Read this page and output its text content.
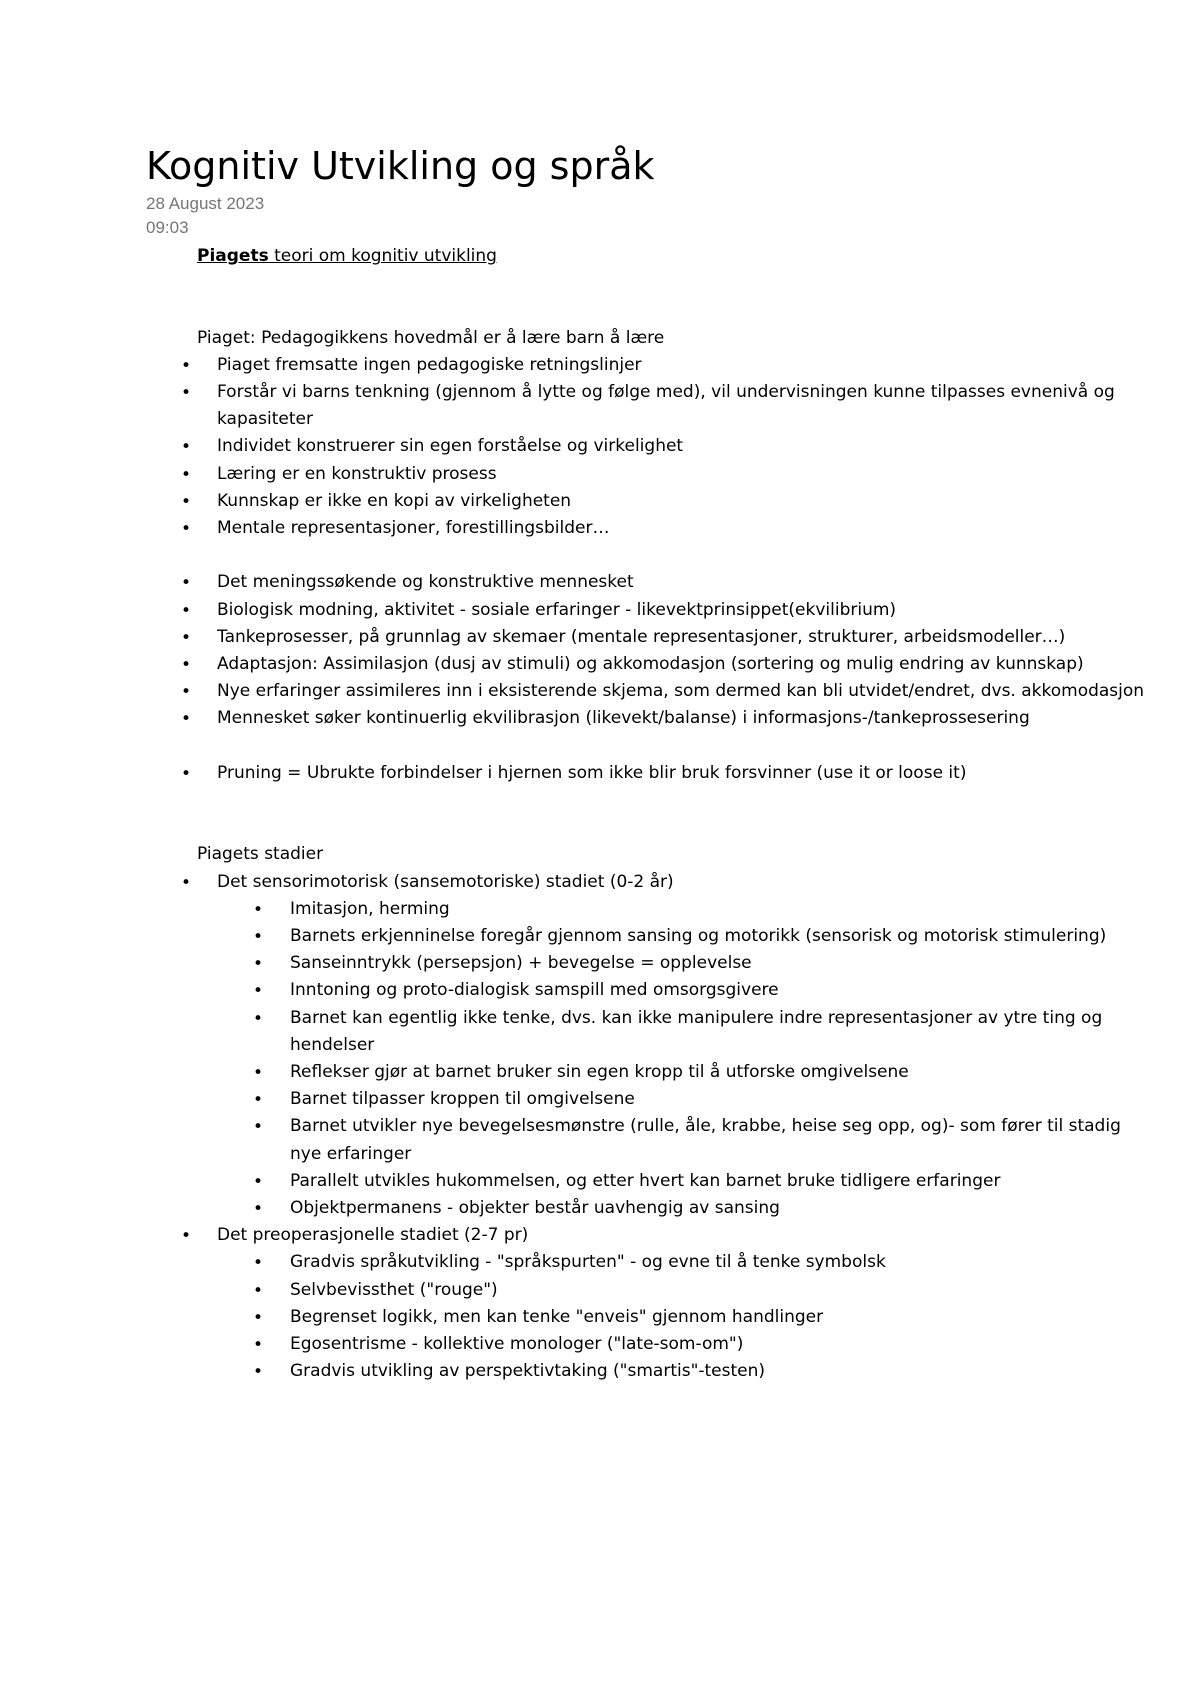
Kognitiv Utvikling og språk
28 August 2023
09:03
Piagets teori om kognitiv utvikling
Piaget: Pedagogikkens hovedmål er å lære barn å lære
• Piaget fremsatte ingen pedagogiske retningslinjer
• Forstår vi barns tenkning (gjennom å lytte og følge med), vil undervisningen kunne tilpasses evnenivå og kapasiteter
• Individet konstruerer sin egen forståelse og virkelighet
• Læring er en konstruktiv prosess
• Kunnskap er ikke en kopi av virkeligheten
• Mentale representasjoner, forestillingsbilder…
• Det meningssøkende og konstruktive mennesket
• Biologisk modning, aktivitet - sosiale erfaringer - likevektprinsippet(ekvilibrium)
• Tankeprosesser, på grunnlag av skemaer (mentale representasjoner, strukturer, arbeidsmodeller…)
• Adaptasjon: Assimilasjon (dusj av stimuli) og akkomodasjon (sortering og mulig endring av kunnskap)
• Nye erfaringer assimileres inn i eksisterende skjema, som dermed kan bli utvidet/endret, dvs. akkomodasjon
• Mennesket søker kontinuerlig ekvilibrasjon (likevekt/balanse) i informasjons-/tankeprossesering
• Pruning = Ubrukte forbindelser i hjernen som ikke blir bruk forsvinner (use it or loose it)
Piagets stadier
• Det sensorimotorisk (sansemotoriske) stadiet (0-2 år)
• Imitasjon, herming
• Barnets erkjenninelse foregår gjennom sansing og motorikk (sensorisk og motorisk stimulering)
• Sanseinntrykk (persepsjon) + bevegelse = opplevelse
• Inntoning og proto-dialogisk samspill med omsorgsgivere
• Barnet kan egentlig ikke tenke, dvs. kan ikke manipulere indre representasjoner av ytre ting og hendelser
• Reflekser gjør at barnet bruker sin egen kropp til å utforske omgivelsene
• Barnet tilpasser kroppen til omgivelsene
• Barnet utvikler nye bevegelsesmønstre (rulle, åle, krabbe, heise seg opp, og)- som fører til stadig nye erfaringer
• Parallelt utvikles hukommelsen, og etter hvert kan barnet bruke tidligere erfaringer
• Objektpermanens - objekter består uavhengig av sansing
• Det preoperasjonelle stadiet (2-7 pr)
• Gradvis språkutvikling - "språkspurten" - og evne til å tenke symbolsk
• Selvbevissthet ("rouge")
• Begrenset logikk, men kan tenke "enveis" gjennom handlinger
• Egosentrisme - kollektive monologer ("late-som-om")
• Gradvis utvikling av perspektivtaking ("smartis"-testen)
